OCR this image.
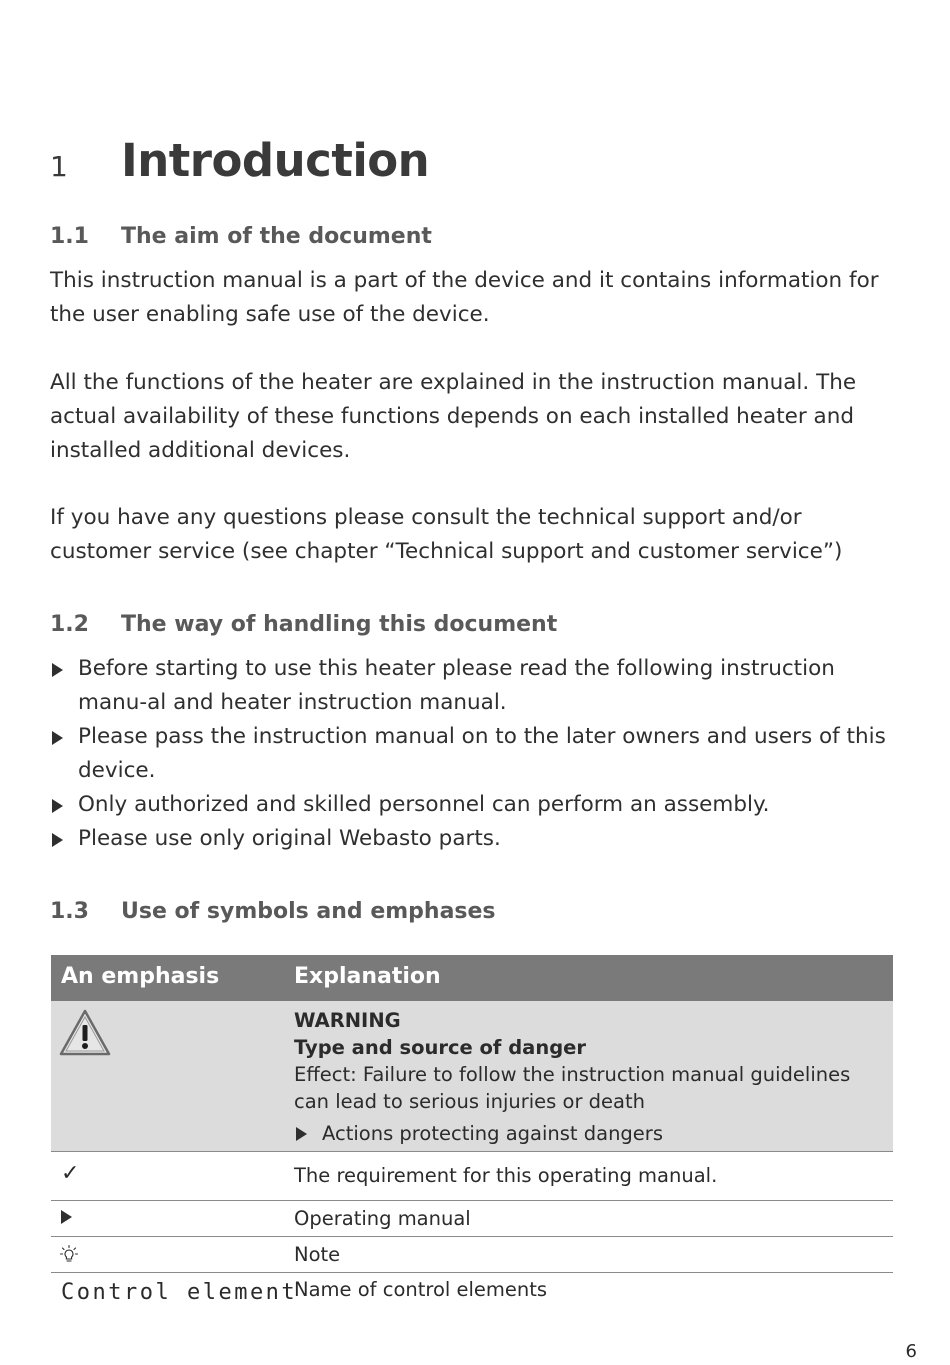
1 Introduction
1.1 The aim of the document

This instruction manual is a part of the device and it contains information for the user enabling safe use of the device.

All the functions of the heater are explained in the instruction manual. The actual availability of these functions depends on each installed heater and installed additional devices.

If you have any questions please consult the technical support and/or customer service (see chapter “Technical support and customer service”)

1.2 The way of handling this document
Before starting to use this heater please read the following instruction manu-al and heater instruction manual.
Please pass the instruction manual on to the later owners and users of this device.
Only authorized and skilled personnel can perform an assembly.
Please use only original Webasto parts.
1.3 Use of symbols and emphases
An emphasis	Explanation
WARNING
Type and source of danger
Effect: Failure to follow the instruction manual guidelines can lead to serious injuries or death
Actions protecting against dangers
✓	The requirement for this operating manual.
Operating manual
Note
Control element
Name of control elements
6
